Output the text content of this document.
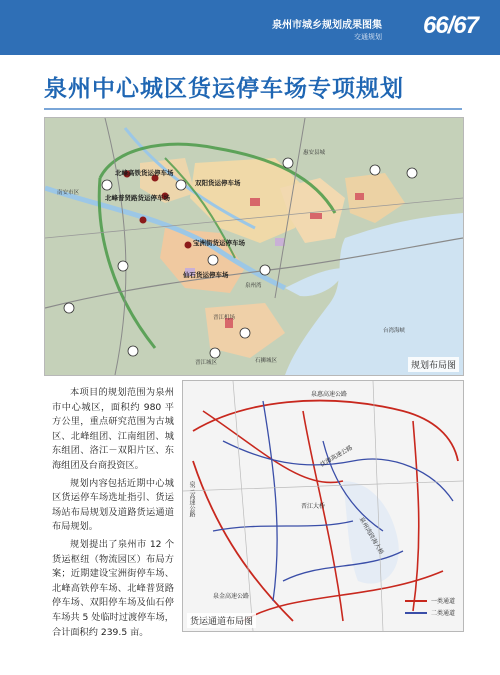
泉州市城乡规划成果图集
交通规划 66/67
泉州中心城区货运停车场专项规划
北峰高铁货运停车场
双阳货运停车场
北峰普贤路货运停车场
宝洲街货运停车场
仙石货运停车场
惠安县城
南安市区
泉州湾
台湾海峡
晋江机场
石狮城区
晋江城区	规划布局图

本项目的规划范围为泉州市中心城区，面积约 980 平方公里，重点研究范围为古城区、北峰组团、江南组团、城东组团、洛江－双阳片区、东海组团及台商投资区。

规划内容包括近期中心城区货运停车场选址指引、货运场站布局规划及道路货运通道布局规划。

规划提出了泉州市 12 个货运枢纽（物流园区）布局方案；近期建设宝洲街停车场、北峰高铁停车场、北峰普贤路停车场、双阳停车场及仙石停车场共 5 处临时过渡停车场，合计面积约 239.5 亩。

泉惠高速公路
泉三高速公路
沈海高速公路
晋江大桥
泉州湾跨海大桥
泉金高速公路
一类通道
二类通道
货运通道布局图
